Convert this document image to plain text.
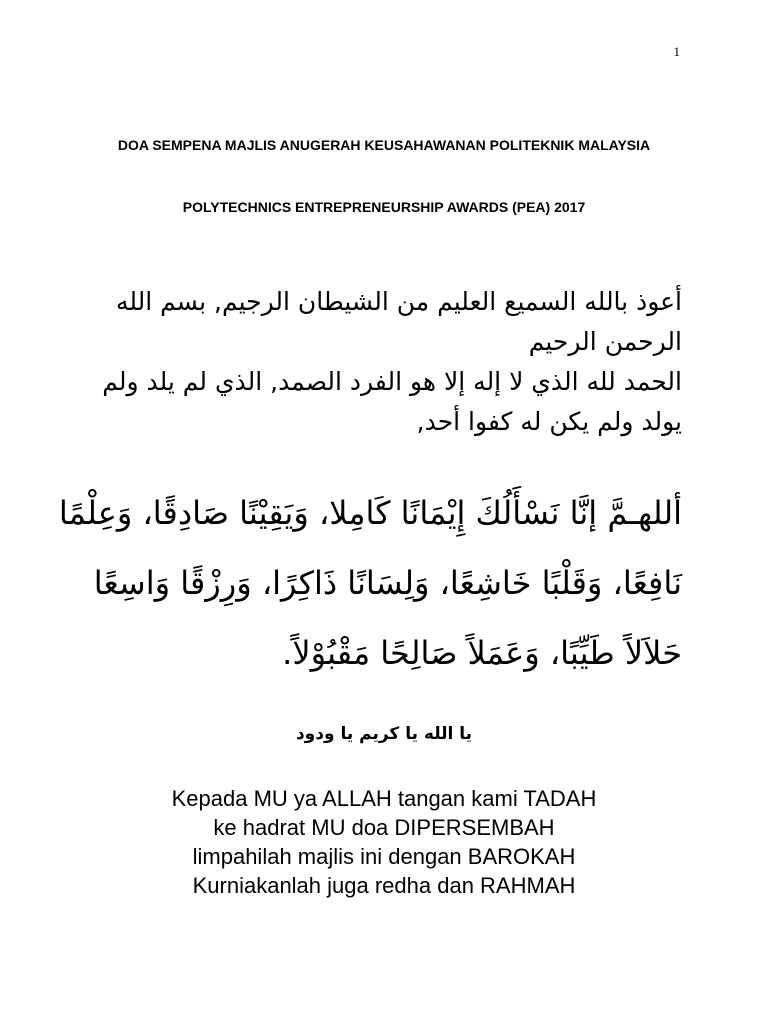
1
DOA SEMPENA MAJLIS ANUGERAH KEUSAHAWANAN POLITEKNIK MALAYSIA
POLYTECHNICS ENTREPRENEURSHIP AWARDS (PEA) 2017
أعوذ بالله السميع العليم من الشيطان الرجيم, بسم الله
الرحمن الرحيم
الحمد لله الذي لا إله إلا هو الفرد الصمد, الذي لم يلد ولم
يولد ولم يكن له كفوا أحد,
أللهـمَّ إنَّا نَسْأَلُكَ إِيْمَانًا كَامِلا، وَيَقِيْنًا صَادِقًا، وَعِلْمًا
نَافِعًا، وَقَلْبًا خَاشِعًا، وَلِسَانًا ذَاكِرًا، وَرِزْقًا وَاسِعًا
حَلاَلاً طَيِّبًا، وَعَمَلاً صَالِحًا مَقْبُوْلاً.
يا الله يا كريم يا ودود
Kepada MU ya ALLAH tangan kami TADAH
ke hadrat MU doa DIPERSEMBAH
limpahilah majlis ini dengan BAROKAH
Kurniakanlah juga redha dan RAHMAH
